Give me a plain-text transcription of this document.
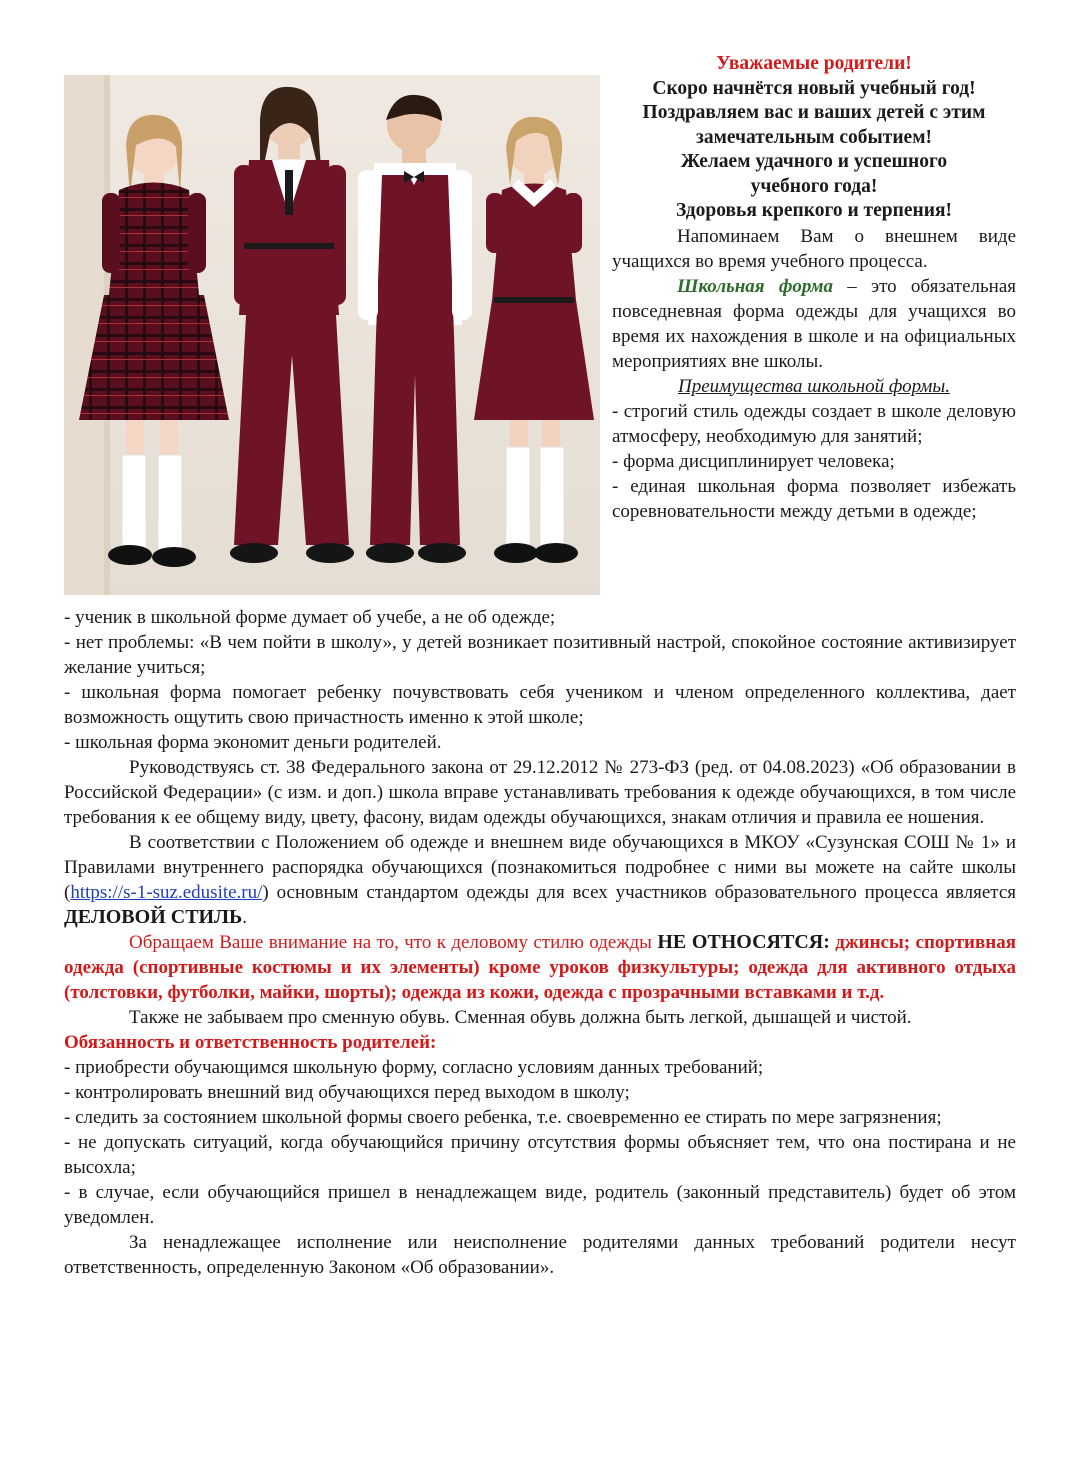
Уважаемые родители!

Скоро начнётся новый учебный год!

Поздравляем вас и ваших детей с этим

замечательным событием!

Желаем удачного и успешного

учебного года!

Здоровья крепкого и терпения!

Напоминаем Вам о внешнем виде учащихся во время учебного процесса.

Школьная форма – это обязательная повседневная форма одежды для учащихся во время их нахождения в школе и на официальных мероприятиях вне школы.

Преимущества школьной формы.

- строгий стиль одежды создает в школе деловую атмосферу, необходимую для занятий;

- форма дисциплинирует человека;

- единая школьная форма позволяет избежать соревновательности между детьми в одежде;

- ученик в школьной форме думает об учебе, а не об одежде;

- нет проблемы: «В чем пойти в школу», у детей возникает позитивный настрой, спокойное состояние активизирует желание учиться;

- школьная форма помогает ребенку почувствовать себя учеником и членом определенного коллектива, дает возможность ощутить свою причастность именно к этой школе;

- школьная форма экономит деньги родителей.

Руководствуясь ст. 38 Федерального закона от 29.12.2012 № 273-ФЗ (ред. от 04.08.2023) «Об образовании в Российской Федерации» (с изм. и доп.) школа вправе устанавливать требования к одежде обучающихся, в том числе требования к ее общему виду, цвету, фасону, видам одежды обучающихся, знакам отличия и правила ее ношения.

В соответствии с Положением об одежде и внешнем виде обучающихся в МКОУ «Сузунская СОШ № 1» и Правилами внутреннего распорядка обучающихся (познакомиться подробнее с ними вы можете на сайте школы (https://s-1-suz.edusite.ru/) основным стандартом одежды для всех участников образовательного процесса является ДЕЛОВОЙ СТИЛЬ.

Обращаем Ваше внимание на то, что к деловому стилю одежды НЕ ОТНОСЯТСЯ: джинсы; спортивная одежда (спортивные костюмы и их элементы) кроме уроков физкультуры; одежда для активного отдыха (толстовки, футболки, майки, шорты); одежда из кожи, одежда с прозрачными вставками и т.д.

Также не забываем про сменную обувь. Сменная обувь должна быть легкой, дышащей и чистой.

Обязанность и ответственность родителей:

- приобрести обучающимся школьную форму, согласно условиям данных требований;

- контролировать внешний вид обучающихся перед выходом в школу;

- следить за состоянием школьной формы своего ребенка, т.е. своевременно ее стирать по мере загрязнения;

- не допускать ситуаций, когда обучающийся причину отсутствия формы объясняет тем, что она постирана и не высохла;

- в случае, если обучающийся пришел в ненадлежащем виде, родитель (законный представитель) будет об этом уведомлен.

За ненадлежащее исполнение или неисполнение родителями данных требований родители несут ответственность, определенную Законом «Об образовании».
